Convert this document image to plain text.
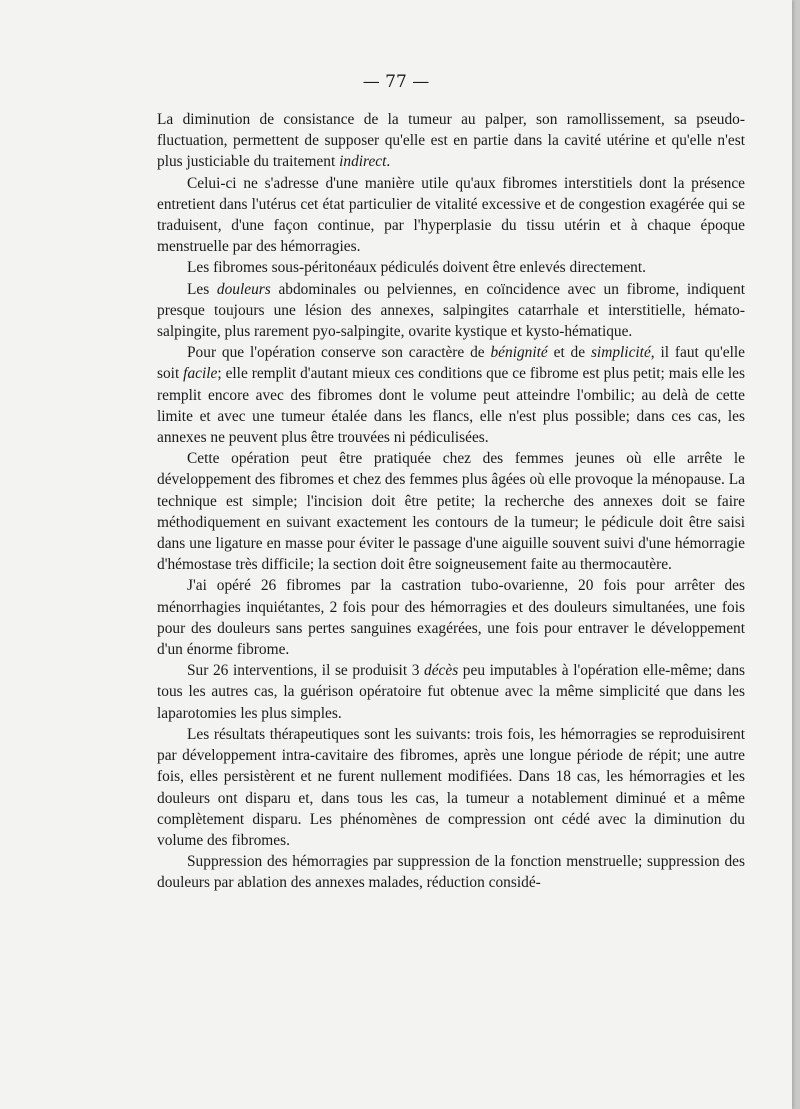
— 77 —

La diminution de consistance de la tumeur au palper, son ramollissement, sa pseudo-fluctuation, permettent de supposer qu'elle est en partie dans la cavité utérine et qu'elle n'est plus justiciable du traitement indirect.

Celui-ci ne s'adresse d'une manière utile qu'aux fibromes interstitiels dont la présence entretient dans l'utérus cet état particulier de vitalité excessive et de congestion exagérée qui se traduisent, d'une façon continue, par l'hyperplasie du tissu utérin et à chaque époque menstruelle par des hémorragies.

Les fibromes sous-péritonéaux pédiculés doivent être enlevés directement.

Les douleurs abdominales ou pelviennes, en coïncidence avec un fibrome, indiquent presque toujours une lésion des annexes, salpingites catarrhale et interstitielle, hémato-salpingite, plus rarement pyo-salpingite, ovarite kystique et kysto-hématique.

Pour que l'opération conserve son caractère de bénignité et de simplicité, il faut qu'elle soit facile; elle remplit d'autant mieux ces conditions que ce fibrome est plus petit; mais elle les remplit encore avec des fibromes dont le volume peut atteindre l'ombilic; au delà de cette limite et avec une tumeur étalée dans les flancs, elle n'est plus possible; dans ces cas, les annexes ne peuvent plus être trouvées ni pédiculisées.

Cette opération peut être pratiquée chez des femmes jeunes où elle arrête le développement des fibromes et chez des femmes plus âgées où elle provoque la ménopause. La technique est simple; l'incision doit être petite; la recherche des annexes doit se faire méthodiquement en suivant exactement les contours de la tumeur; le pédicule doit être saisi dans une ligature en masse pour éviter le passage d'une aiguille souvent suivi d'une hémorragie d'hémostase très difficile; la section doit être soigneusement faite au thermocautère.

J'ai opéré 26 fibromes par la castration tubo-ovarienne, 20 fois pour arrêter des ménorrhagies inquiétantes, 2 fois pour des hémorragies et des douleurs simultanées, une fois pour des douleurs sans pertes sanguines exagérées, une fois pour entraver le développement d'un énorme fibrome.

Sur 26 interventions, il se produisit 3 décès peu imputables à l'opération elle-même; dans tous les autres cas, la guérison opératoire fut obtenue avec la même simplicité que dans les laparotomies les plus simples.

Les résultats thérapeutiques sont les suivants: trois fois, les hémorragies se reproduisirent par développement intra-cavitaire des fibromes, après une longue période de répit; une autre fois, elles persistèrent et ne furent nullement modifiées. Dans 18 cas, les hémorragies et les douleurs ont disparu et, dans tous les cas, la tumeur a notablement diminué et a même complètement disparu. Les phénomènes de compression ont cédé avec la diminution du volume des fibromes.

Suppression des hémorragies par suppression de la fonction menstruelle; suppression des douleurs par ablation des annexes malades, réduction considé-
